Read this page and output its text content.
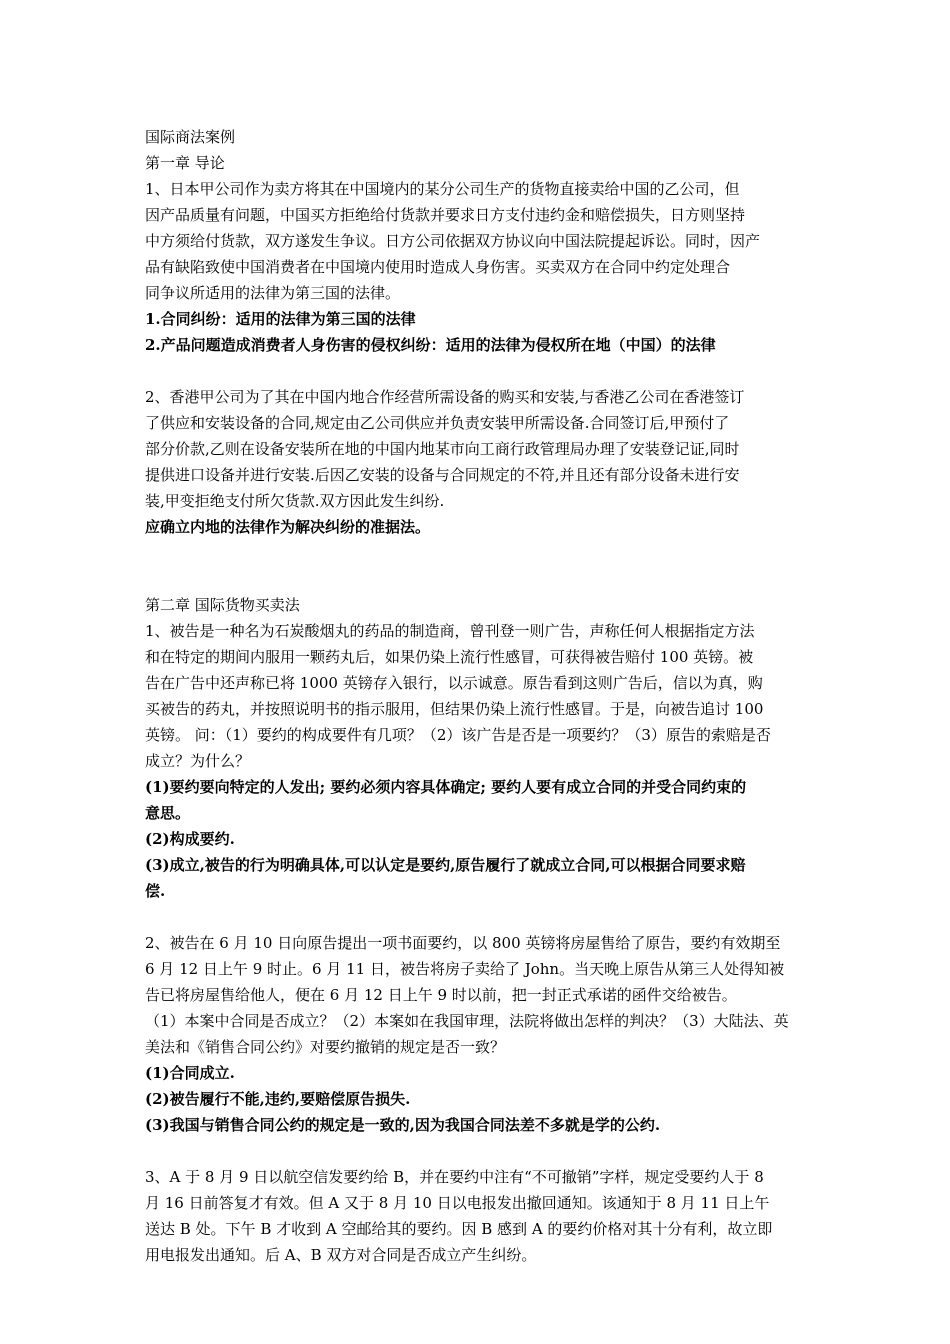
国际商法案例
第一章 导论
1、日本甲公司作为卖方将其在中国境内的某分公司生产的货物直接卖给中国的乙公司，但
因产品质量有问题，中国买方拒绝给付货款并要求日方支付违约金和赔偿损失，日方则坚持
中方须给付货款，双方遂发生争议。日方公司依据双方协议向中国法院提起诉讼。同时，因产
品有缺陷致使中国消费者在中国境内使用时造成人身伤害。买卖双方在合同中约定处理合
同争议所适用的法律为第三国的法律。
1.合同纠纷：适用的法律为第三国的法律
2.产品问题造成消费者人身伤害的侵权纠纷：适用的法律为侵权所在地（中国）的法律
2、香港甲公司为了其在中国内地合作经营所需设备的购买和安装,与香港乙公司在香港签订
了供应和安装设备的合同,规定由乙公司供应并负责安装甲所需设备.合同签订后,甲预付了
部分价款,乙则在设备安装所在地的中国内地某市向工商行政管理局办理了安装登记证,同时
提供进口设备并进行安装.后因乙安装的设备与合同规定的不符,并且还有部分设备未进行安
装,甲变拒绝支付所欠货款.双方因此发生纠纷.
应确立内地的法律作为解决纠纷的准据法。
第二章 国际货物买卖法
1、被告是一种名为石炭酸烟丸的药品的制造商，曾刊登一则广告，声称任何人根据指定方法
和在特定的期间内服用一颗药丸后，如果仍染上流行性感冒，可获得被告赔付 100 英镑。被
告在广告中还声称已将 1000 英镑存入银行，以示诚意。原告看到这则广告后，信以为真，购
买被告的药丸，并按照说明书的指示服用，但结果仍染上流行性感冒。于是，向被告追讨 100
英镑。 问：（1）要约的构成要件有几项？（2）该广告是否是一项要约？（3）原告的索赔是否
成立？为什么？
(1)要约要向特定的人发出; 要约必须内容具体确定; 要约人要有成立合同的并受合同约束的
意思。
(2)构成要约.
(3)成立,被告的行为明确具体,可以认定是要约,原告履行了就成立合同,可以根据合同要求赔
偿.
2、被告在 6 月 10 日向原告提出一项书面要约，以 800 英镑将房屋售给了原告，要约有效期至
6 月 12 日上午 9 时止。6 月 11 日，被告将房子卖给了 John。当天晚上原告从第三人处得知被
告已将房屋售给他人，便在 6 月 12 日上午 9 时以前，把一封正式承诺的函件交给被告。
（1）本案中合同是否成立？（2）本案如在我国审理，法院将做出怎样的判决？（3）大陆法、英
美法和《销售合同公约》对要约撤销的规定是否一致？
(1)合同成立.
(2)被告履行不能,违约,要赔偿原告损失.
(3)我国与销售合同公约的规定是一致的,因为我国合同法差不多就是学的公约.
3、A 于 8 月 9 日以航空信发要约给 B，并在要约中注有“不可撤销”字样，规定受要约人于 8
月 16 日前答复才有效。但 A 又于 8 月 10 日以电报发出撤回通知。该通知于 8 月 11 日上午
送达 B 处。下午 B 才收到 A 空邮给其的要约。因 B 感到 A 的要约价格对其十分有利，故立即
用电报发出通知。后 A、B 双方对合同是否成立产生纠纷。
